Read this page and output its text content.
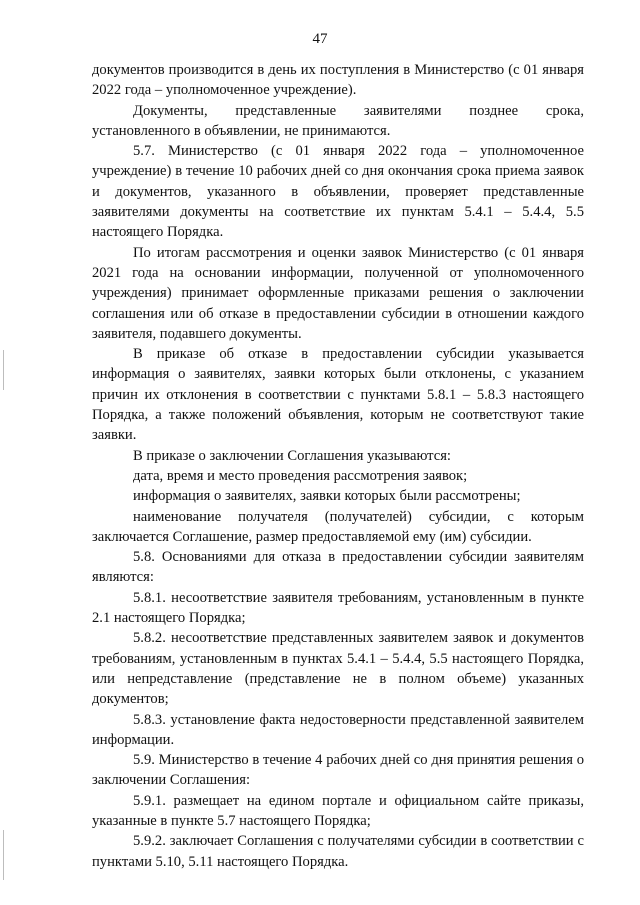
47

документов производится в день их поступления в Министерство (с 01 января 2022 года – уполномоченное учреждение).

Документы, представленные заявителями позднее срока, установленного в объявлении, не принимаются.

5.7. Министерство (с 01 января 2022 года – уполномоченное учреждение) в течение 10 рабочих дней со дня окончания срока приема заявок и документов, указанного в объявлении, проверяет представленные заявителями документы на соответствие их пунктам 5.4.1 – 5.4.4, 5.5 настоящего Порядка.

По итогам рассмотрения и оценки заявок Министерство (с 01 января 2021 года на основании информации, полученной от уполномоченного учреждения) принимает оформленные приказами решения о заключении соглашения или об отказе в предоставлении субсидии в отношении каждого заявителя, подавшего документы.

В приказе об отказе в предоставлении субсидии указывается информация о заявителях, заявки которых были отклонены, с указанием причин их отклонения в соответствии с пунктами 5.8.1 – 5.8.3 настоящего Порядка, а также положений объявления, которым не соответствуют такие заявки.

В приказе о заключении Соглашения указываются:

дата, время и место проведения рассмотрения заявок;

информация о заявителях, заявки которых были рассмотрены;

наименование получателя (получателей) субсидии, с которым заключается Соглашение, размер предоставляемой ему (им) субсидии.

5.8. Основаниями для отказа в предоставлении субсидии заявителям являются:

5.8.1. несоответствие заявителя требованиям, установленным в пункте 2.1 настоящего Порядка;

5.8.2. несоответствие представленных заявителем заявок и документов требованиям, установленным в пунктах 5.4.1 – 5.4.4, 5.5 настоящего Порядка, или непредставление (представление не в полном объеме) указанных документов;

5.8.3. установление факта недостоверности представленной заявителем информации.

5.9. Министерство в течение 4 рабочих дней со дня принятия решения о заключении Соглашения:

5.9.1. размещает на едином портале и официальном сайте приказы, указанные в пункте 5.7 настоящего Порядка;

5.9.2. заключает Соглашения с получателями субсидии в соответствии с пунктами 5.10, 5.11 настоящего Порядка.
